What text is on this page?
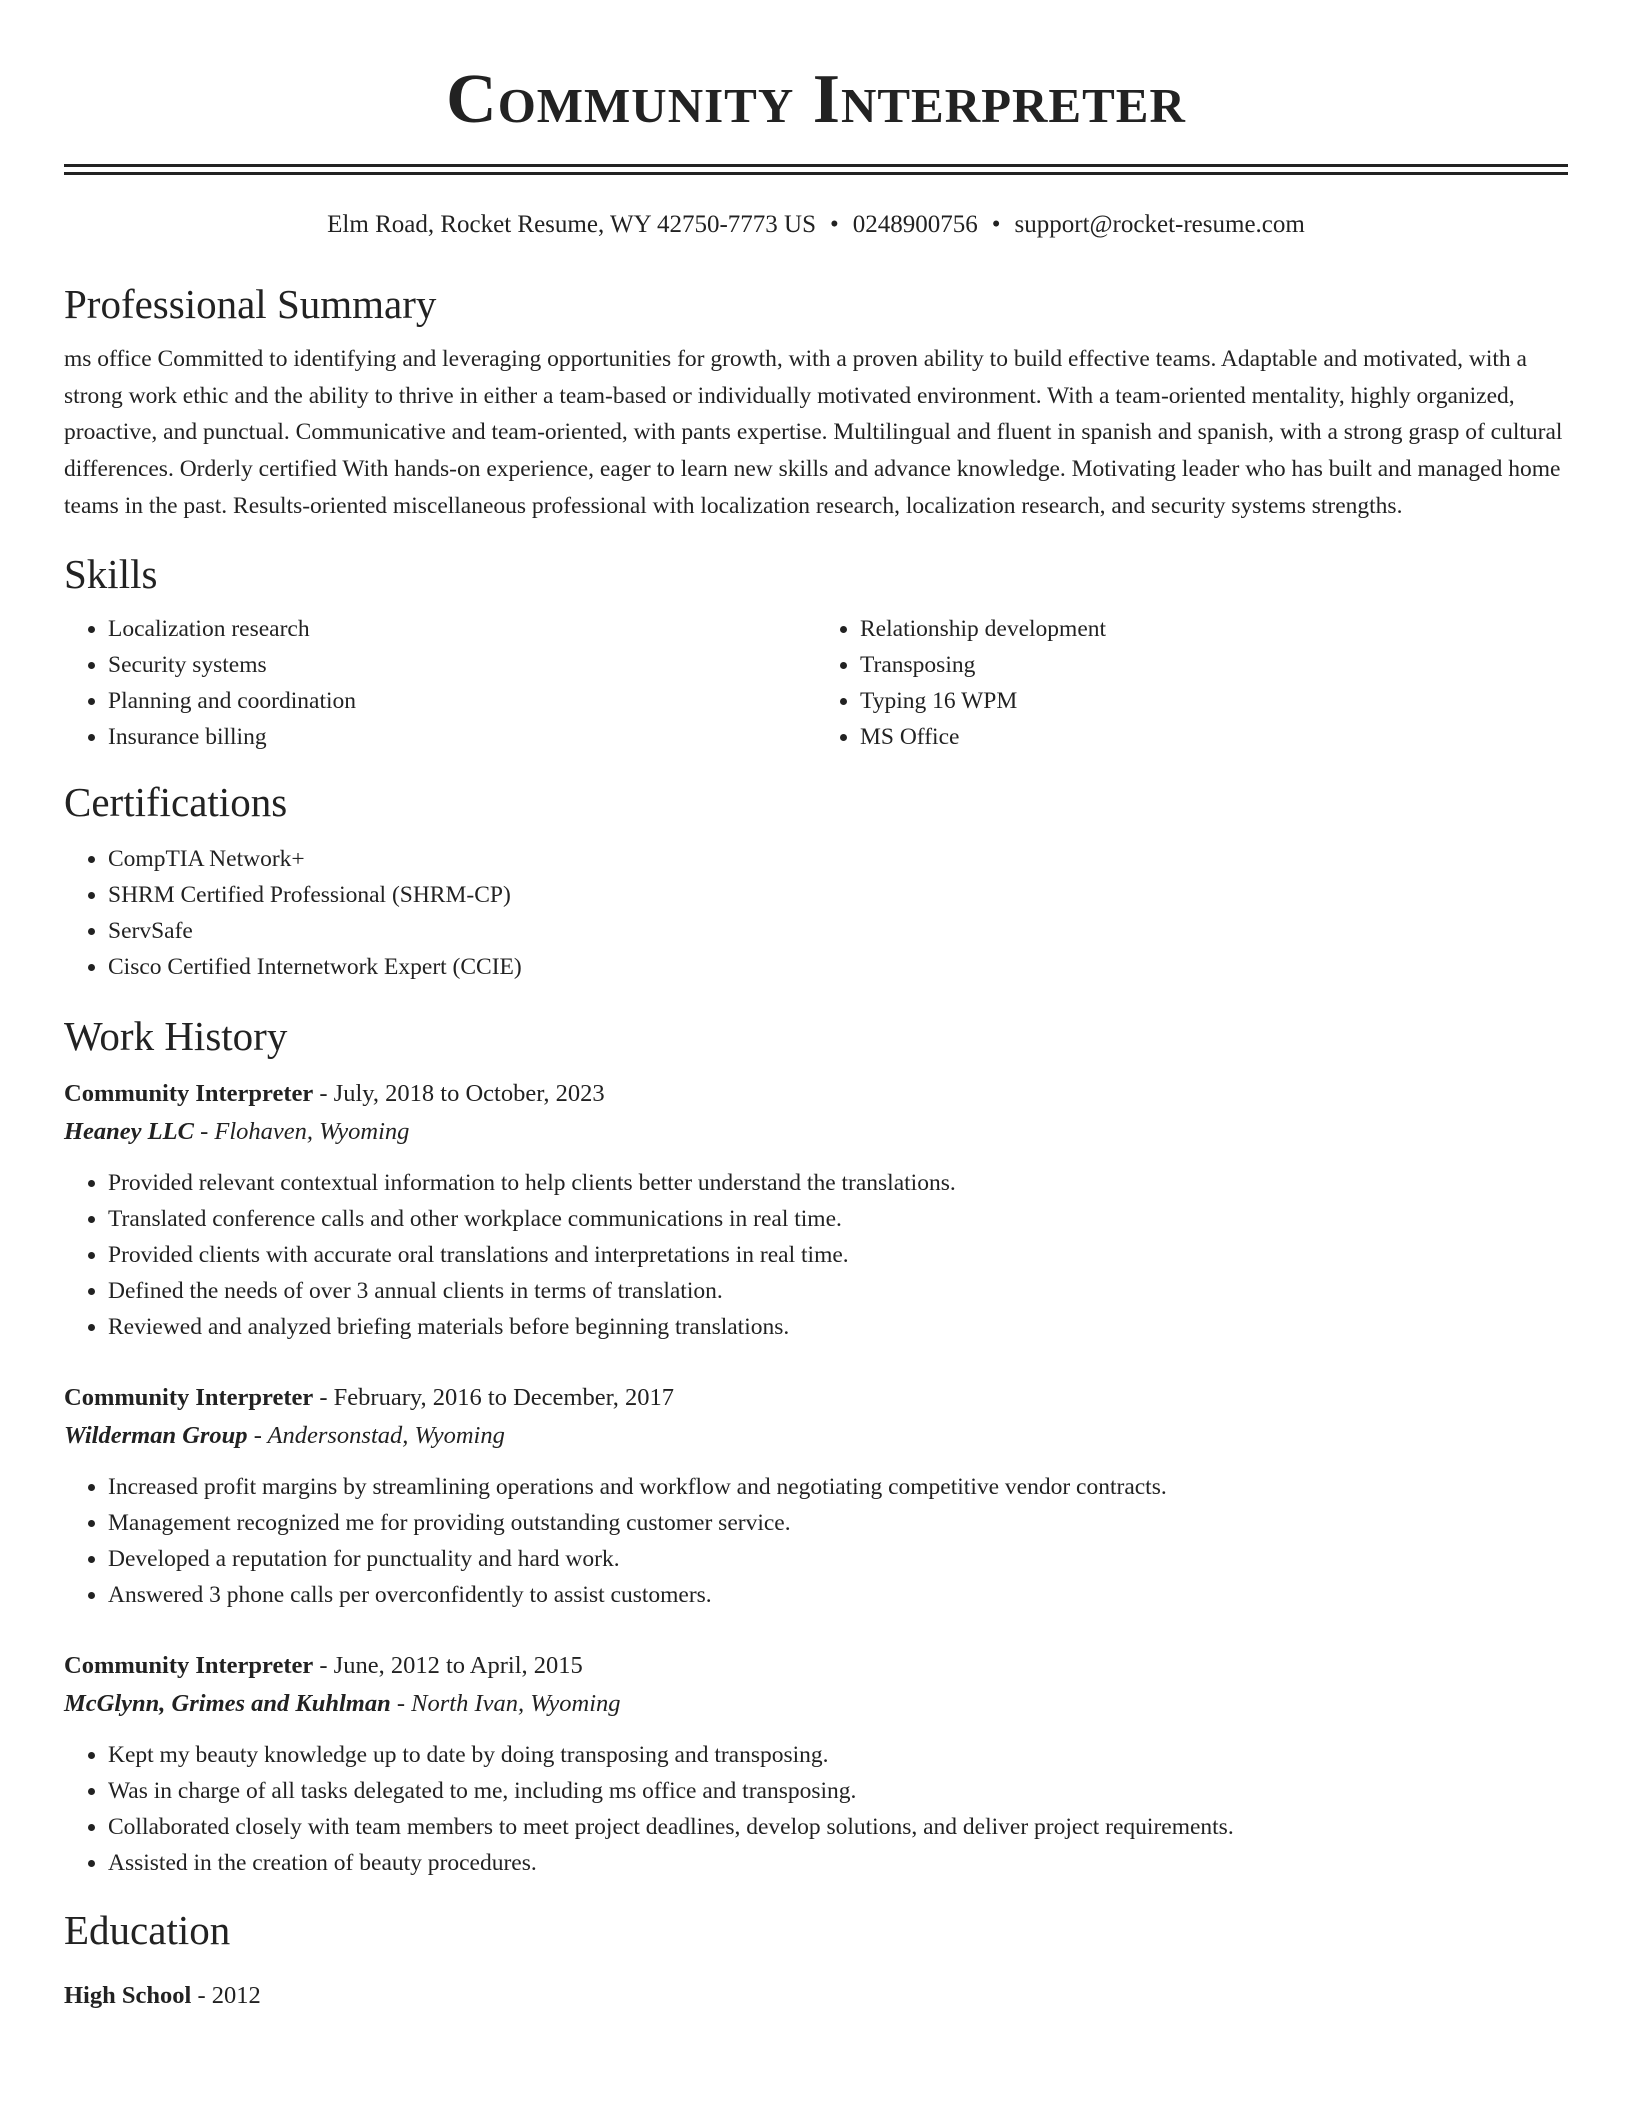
Community Interpreter
Elm Road, Rocket Resume, WY 42750-7773 US • 0248900756 • support@rocket-resume.com
Professional Summary

ms office Committed to identifying and leveraging opportunities for growth, with a proven ability to build effective teams. Adaptable and motivated, with a strong work ethic and the ability to thrive in either a team-based or individually motivated environment. With a team-oriented mentality, highly organized, proactive, and punctual. Communicative and team-oriented, with pants expertise. Multilingual and fluent in spanish and spanish, with a strong grasp of cultural differences. Orderly certified With hands-on experience, eager to learn new skills and advance knowledge. Motivating leader who has built and managed home teams in the past. Results-oriented miscellaneous professional with localization research, localization research, and security systems strengths.

Skills
• Localization research
• Security systems
• Planning and coordination
• Insurance billing
• Relationship development
• Transposing
• Typing 16 WPM
• MS Office
Certifications
• CompTIA Network+
• SHRM Certified Professional (SHRM-CP)
• ServSafe
• Cisco Certified Internetwork Expert (CCIE)
Work History
Community Interpreter - July, 2018 to October, 2023
Heaney LLC - Flohaven, Wyoming
• Provided relevant contextual information to help clients better understand the translations.
• Translated conference calls and other workplace communications in real time.
• Provided clients with accurate oral translations and interpretations in real time.
• Defined the needs of over 3 annual clients in terms of translation.
• Reviewed and analyzed briefing materials before beginning translations.
Community Interpreter - February, 2016 to December, 2017
Wilderman Group - Andersonstad, Wyoming
• Increased profit margins by streamlining operations and workflow and negotiating competitive vendor contracts.
• Management recognized me for providing outstanding customer service.
• Developed a reputation for punctuality and hard work.
• Answered 3 phone calls per overconfidently to assist customers.
Community Interpreter - June, 2012 to April, 2015
McGlynn, Grimes and Kuhlman - North Ivan, Wyoming
• Kept my beauty knowledge up to date by doing transposing and transposing.
• Was in charge of all tasks delegated to me, including ms office and transposing.
• Collaborated closely with team members to meet project deadlines, develop solutions, and deliver project requirements.
• Assisted in the creation of beauty procedures.
Education
High School - 2012
